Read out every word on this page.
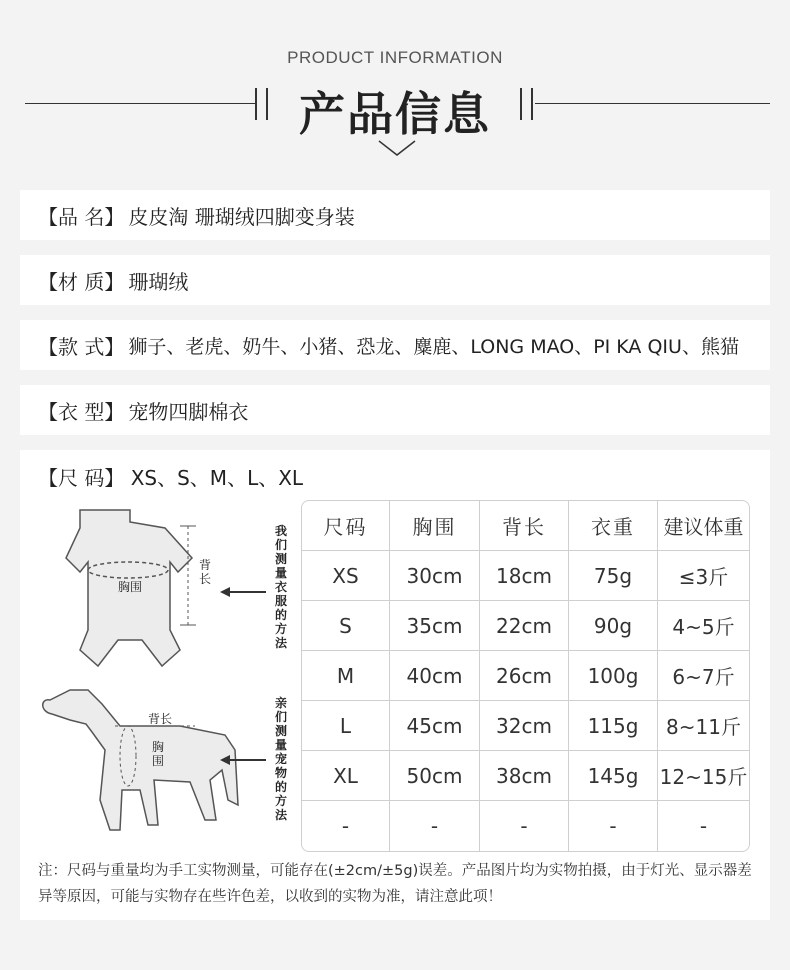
PRODUCT INFORMATION
产品信息
【品 名】 皮皮淘 珊瑚绒四脚变身装
【材 质】 珊瑚绒
【款 式】 狮子、老虎、奶牛、小猪、恐龙、麋鹿、LONG MAO、PI KA QIU、熊猫
【衣 型】 宠物四脚棉衣
【尺 码】 XS、S、M、L、XL
胸围
背长
我们测量衣服的方法
背长
胸围
亲们测量宠物的方法
尺码	胸围	背长	衣重	建议体重
XS	30cm	18cm	75g	≤3斤
S	35cm	22cm	90g	4~5斤
M	40cm	26cm	100g	6~7斤
L	45cm	32cm	115g	8~11斤
XL	50cm	38cm	145g	12~15斤
-	-	-	-	-
注：尺码与重量均为手工实物测量，可能存在(±2cm/±5g)误差。产品图片均为实物拍摄，由于灯光、显示器差异等原因，可能与实物存在些许色差，以收到的实物为准，请注意此项！
